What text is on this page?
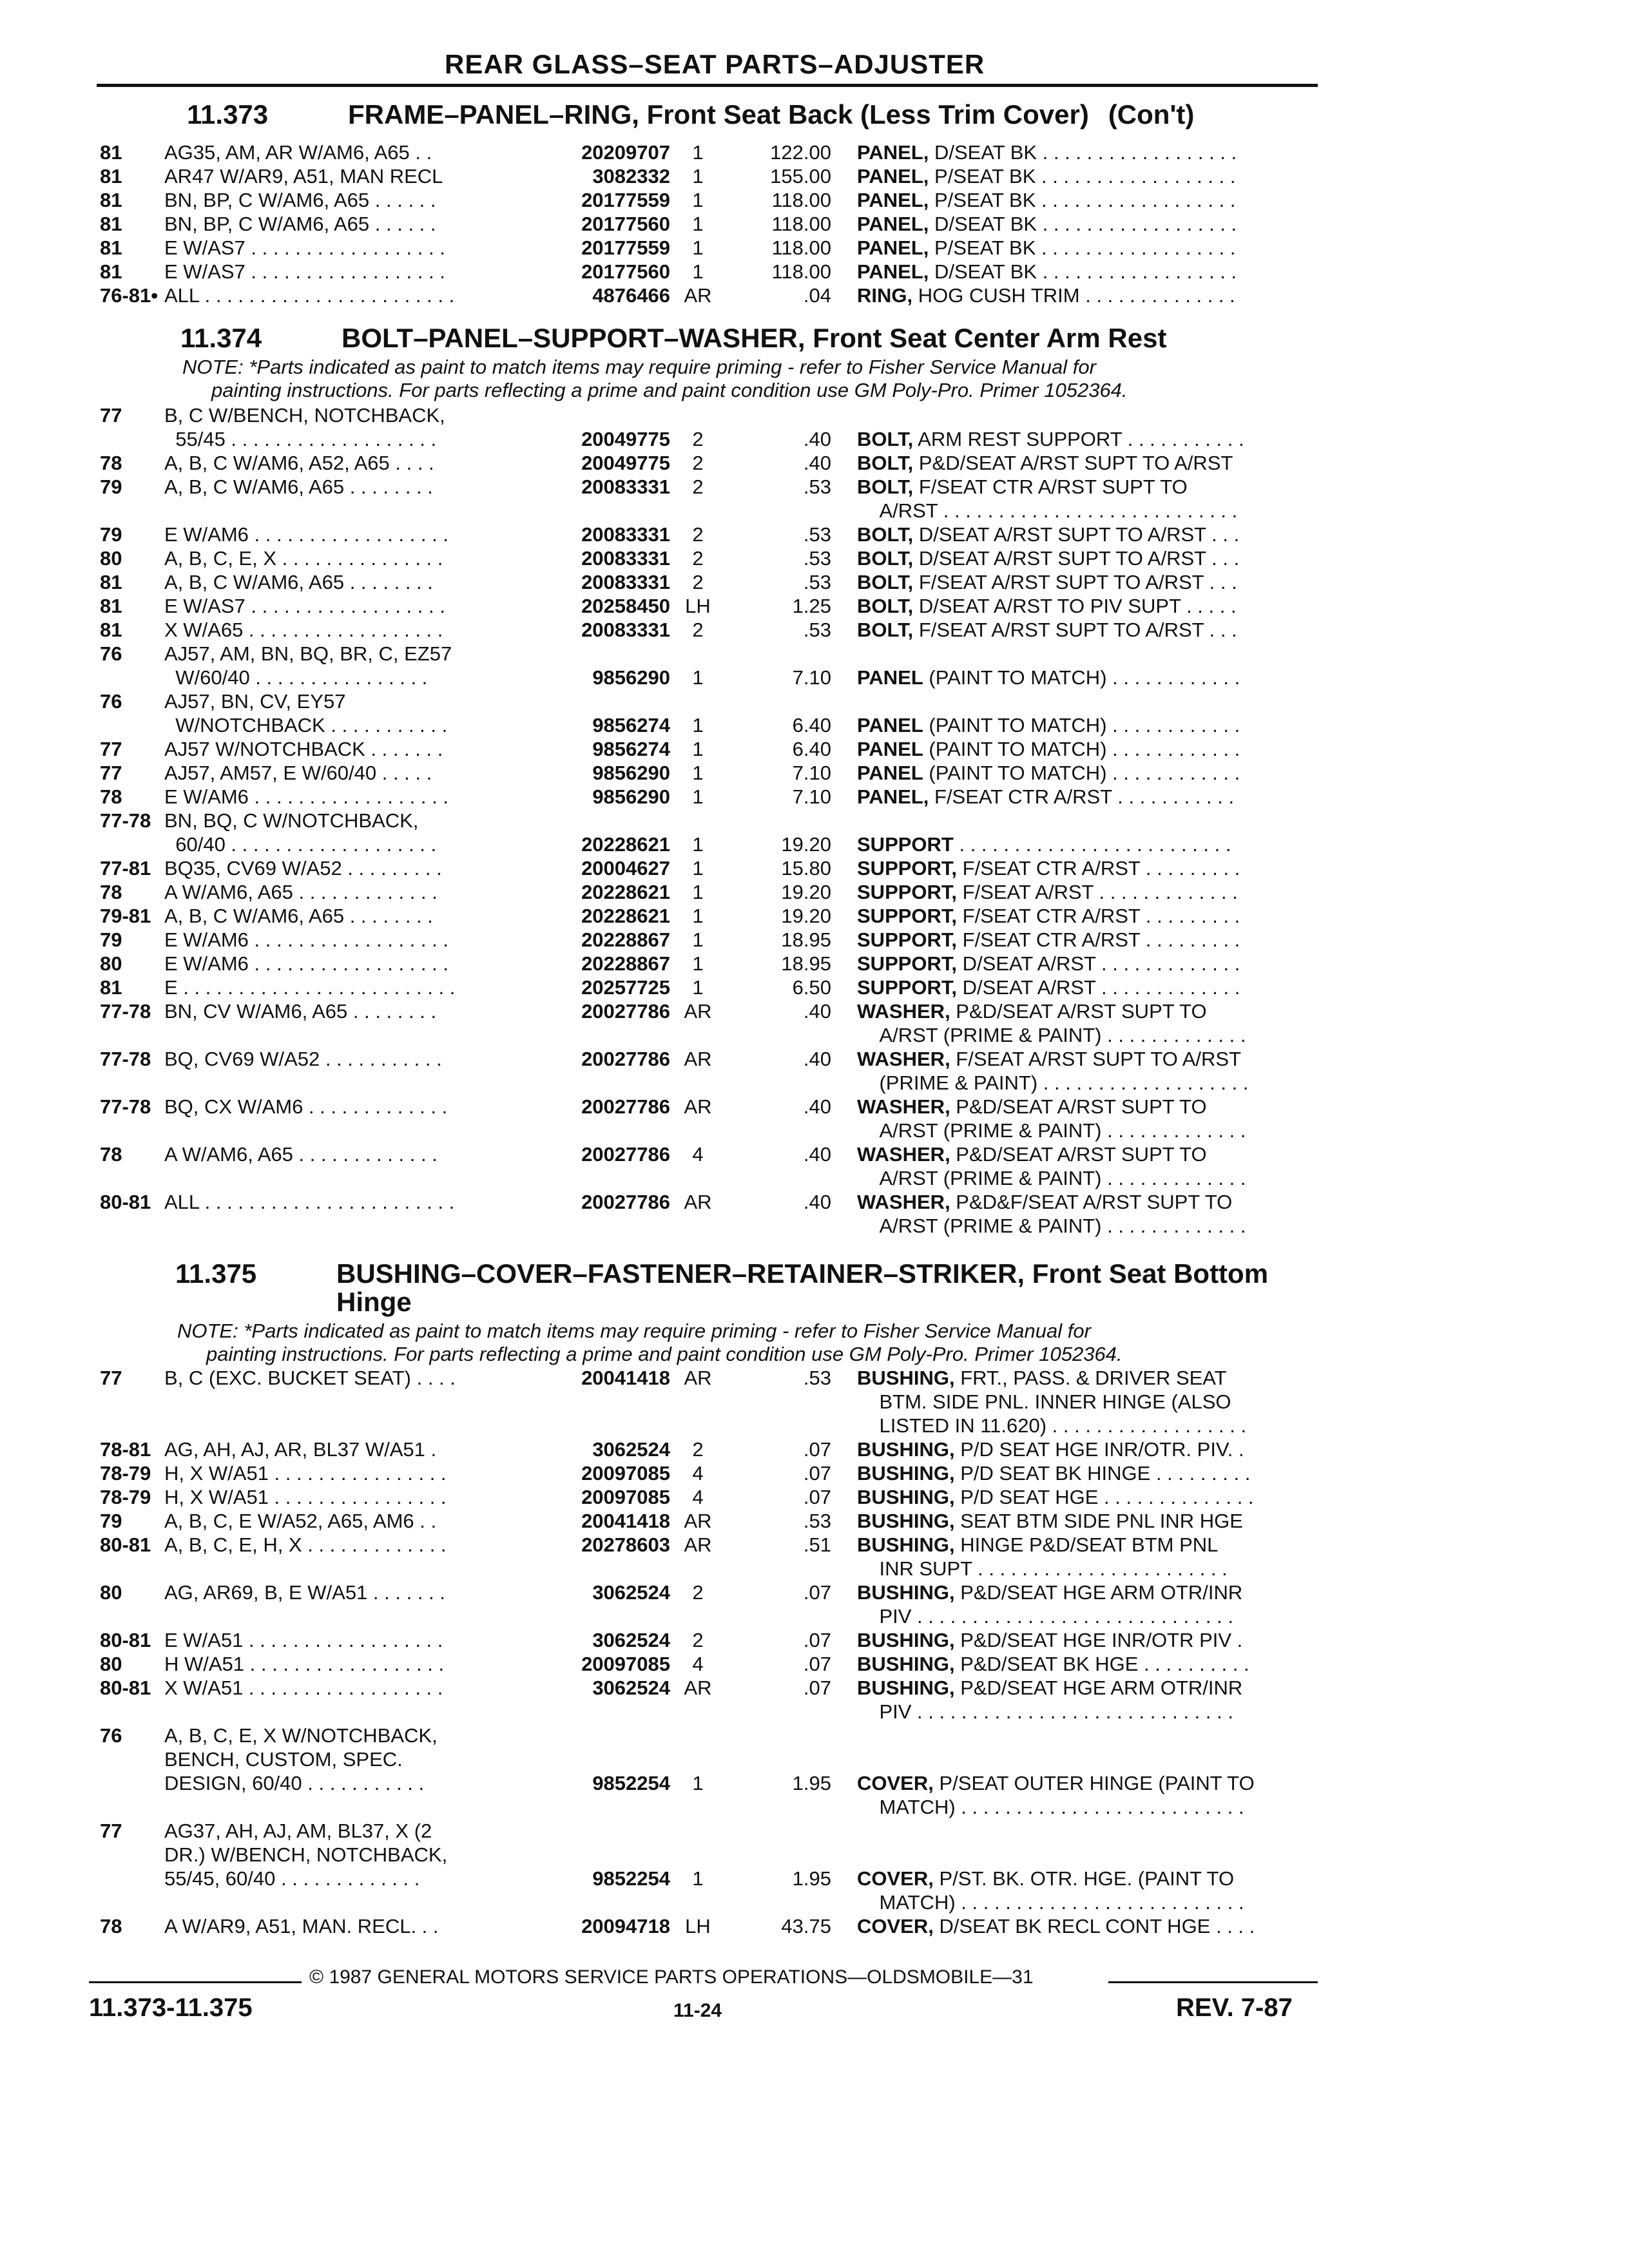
REAR GLASS–SEAT PARTS–ADJUSTER
11.373	FRAME–PANEL–RING, Front Seat Back (Less Trim Cover) (Con't)
81 AG35, AM, AR W/AM6, A65 . .	20209707	1	122.00 PANEL, D/SEAT BK . . . . . . . . . . . . . . . . . .
81 AR47 W/AR9, A51, MAN RECL	3082332	1	155.00 PANEL, P/SEAT BK . . . . . . . . . . . . . . . . . .
81 BN, BP, C W/AM6, A65 . . . . . .	20177559	1	118.00 PANEL, P/SEAT BK . . . . . . . . . . . . . . . . . .
81 BN, BP, C W/AM6, A65 . . . . . .	20177560	1	118.00 PANEL, D/SEAT BK . . . . . . . . . . . . . . . . . .
81 E W/AS7 . . . . . . . . . . . . . . . . . .	20177559	1	118.00 PANEL, P/SEAT BK . . . . . . . . . . . . . . . . . .
81 E W/AS7 . . . . . . . . . . . . . . . . . .	20177560	1	118.00 PANEL, D/SEAT BK . . . . . . . . . . . . . . . . . .
76-81• ALL . . . . . . . . . . . . . . . . . . . . . . .	4876466 AR	.04 RING, HOG CUSH TRIM . . . . . . . . . . . . . .
11.374	BOLT–PANEL–SUPPORT–WASHER, Front Seat Center Arm Rest
NOTE: *Parts indicated as paint to match items may require priming - refer to Fisher Service Manual for
painting instructions. For parts reflecting a prime and paint condition use GM Poly-Pro. Primer 1052364.
77 B, C W/BENCH, NOTCHBACK,
55/45 . . . . . . . . . . . . . . . . . . .	20049775	2	.40 BOLT, ARM REST SUPPORT . . . . . . . . . . .
78 A, B, C W/AM6, A52, A65 . . . .	20049775	2	.40 BOLT, P&D/SEAT A/RST SUPT TO A/RST
79 A, B, C W/AM6, A65 . . . . . . . .	20083331	2	.53 BOLT, F/SEAT CTR A/RST SUPT TO
A/RST . . . . . . . . . . . . . . . . . . . . . . . . . . .
79 E W/AM6 . . . . . . . . . . . . . . . . . .	20083331	2	.53 BOLT, D/SEAT A/RST SUPT TO A/RST . . .
80 A, B, C, E, X . . . . . . . . . . . . . . .	20083331	2	.53 BOLT, D/SEAT A/RST SUPT TO A/RST . . .
81 A, B, C W/AM6, A65 . . . . . . . .	20083331	2	.53 BOLT, F/SEAT A/RST SUPT TO A/RST . . .
81 E W/AS7 . . . . . . . . . . . . . . . . . .	20258450 LH	1.25 BOLT, D/SEAT A/RST TO PIV SUPT . . . . .
81 X W/A65 . . . . . . . . . . . . . . . . . .	20083331	2	.53 BOLT, F/SEAT A/RST SUPT TO A/RST . . .
76 AJ57, AM, BN, BQ, BR, C, EZ57
W/60/40 . . . . . . . . . . . . . . . .	9856290	1	7.10 PANEL (PAINT TO MATCH) . . . . . . . . . . . .
76 AJ57, BN, CV, EY57
W/NOTCHBACK . . . . . . . . . . .	9856274	1	6.40 PANEL (PAINT TO MATCH) . . . . . . . . . . . .
77 AJ57 W/NOTCHBACK . . . . . . .	9856274	1	6.40 PANEL (PAINT TO MATCH) . . . . . . . . . . . .
77 AJ57, AM57, E W/60/40 . . . . .	9856290	1	7.10 PANEL (PAINT TO MATCH) . . . . . . . . . . . .
78 E W/AM6 . . . . . . . . . . . . . . . . . .	9856290	1	7.10 PANEL, F/SEAT CTR A/RST . . . . . . . . . . .
77-78 BN, BQ, C W/NOTCHBACK,
60/40 . . . . . . . . . . . . . . . . . . .	20228621	1	19.20 SUPPORT . . . . . . . . . . . . . . . . . . . . . . . . .
77-81 BQ35, CV69 W/A52 . . . . . . . . .	20004627	1	15.80 SUPPORT, F/SEAT CTR A/RST . . . . . . . . .
78 A W/AM6, A65 . . . . . . . . . . . . .	20228621	1	19.20 SUPPORT, F/SEAT A/RST . . . . . . . . . . . . .
79-81 A, B, C W/AM6, A65 . . . . . . . .	20228621	1	19.20 SUPPORT, F/SEAT CTR A/RST . . . . . . . . .
79 E W/AM6 . . . . . . . . . . . . . . . . . .	20228867	1	18.95 SUPPORT, F/SEAT CTR A/RST . . . . . . . . .
80 E W/AM6 . . . . . . . . . . . . . . . . . .	20228867	1	18.95 SUPPORT, D/SEAT A/RST . . . . . . . . . . . . .
81 E . . . . . . . . . . . . . . . . . . . . . . . . .	20257725	1	6.50 SUPPORT, D/SEAT A/RST . . . . . . . . . . . . .
77-78 BN, CV W/AM6, A65 . . . . . . . .	20027786 AR	.40 WASHER, P&D/SEAT A/RST SUPT TO
A/RST (PRIME & PAINT) . . . . . . . . . . . . .
77-78 BQ, CV69 W/A52 . . . . . . . . . . .	20027786 AR	.40 WASHER, F/SEAT A/RST SUPT TO A/RST
(PRIME & PAINT) . . . . . . . . . . . . . . . . . . .
77-78 BQ, CX W/AM6 . . . . . . . . . . . . .	20027786 AR	.40 WASHER, P&D/SEAT A/RST SUPT TO
A/RST (PRIME & PAINT) . . . . . . . . . . . . .
78 A W/AM6, A65 . . . . . . . . . . . . .	20027786	4	.40 WASHER, P&D/SEAT A/RST SUPT TO
A/RST (PRIME & PAINT) . . . . . . . . . . . . .
80-81 ALL . . . . . . . . . . . . . . . . . . . . . . .	20027786 AR	.40 WASHER, P&D&F/SEAT A/RST SUPT TO
A/RST (PRIME & PAINT) . . . . . . . . . . . . .
11.375	BUSHING–COVER–FASTENER–RETAINER–STRIKER, Front Seat Bottom
Hinge
NOTE: *Parts indicated as paint to match items may require priming - refer to Fisher Service Manual for
painting instructions. For parts reflecting a prime and paint condition use GM Poly-Pro. Primer 1052364.
77 B, C (EXC. BUCKET SEAT) . . . .	20041418 AR	.53 BUSHING, FRT., PASS. & DRIVER SEAT
BTM. SIDE PNL. INNER HINGE (ALSO
LISTED IN 11.620) . . . . . . . . . . . . . . . . . .
78-81 AG, AH, AJ, AR, BL37 W/A51 .	3062524	2	.07 BUSHING, P/D SEAT HGE INR/OTR. PIV. .
78-79 H, X W/A51 . . . . . . . . . . . . . . . .	20097085	4	.07 BUSHING, P/D SEAT BK HINGE . . . . . . . . .
78-79 H, X W/A51 . . . . . . . . . . . . . . . .	20097085	4	.07 BUSHING, P/D SEAT HGE . . . . . . . . . . . . . .
79 A, B, C, E W/A52, A65, AM6 . .	20041418 AR	.53 BUSHING, SEAT BTM SIDE PNL INR HGE
80-81 A, B, C, E, H, X . . . . . . . . . . . . .	20278603 AR	.51 BUSHING, HINGE P&D/SEAT BTM PNL
INR SUPT . . . . . . . . . . . . . . . . . . . . . . .
80 AG, AR69, B, E W/A51 . . . . . . .	3062524	2	.07 BUSHING, P&D/SEAT HGE ARM OTR/INR
PIV . . . . . . . . . . . . . . . . . . . . . . . . . . . . .
80-81 E W/A51 . . . . . . . . . . . . . . . . . .	3062524	2	.07 BUSHING, P&D/SEAT HGE INR/OTR PIV .
80 H W/A51 . . . . . . . . . . . . . . . . . .	20097085	4	.07 BUSHING, P&D/SEAT BK HGE . . . . . . . . . .
80-81 X W/A51 . . . . . . . . . . . . . . . . . .	3062524 AR	.07 BUSHING, P&D/SEAT HGE ARM OTR/INR
PIV . . . . . . . . . . . . . . . . . . . . . . . . . . . . .
76 A, B, C, E, X W/NOTCHBACK,
BENCH, CUSTOM, SPEC.
DESIGN, 60/40 . . . . . . . . . . .	9852254	1	1.95 COVER, P/SEAT OUTER HINGE (PAINT TO
MATCH) . . . . . . . . . . . . . . . . . . . . . . . . . .
77 AG37, AH, AJ, AM, BL37, X (2
DR.) W/BENCH, NOTCHBACK,
55/45, 60/40 . . . . . . . . . . . . .	9852254	1	1.95 COVER, P/ST. BK. OTR. HGE. (PAINT TO
MATCH) . . . . . . . . . . . . . . . . . . . . . . . . . .
78 A W/AR9, A51, MAN. RECL. . .	20094718 LH	43.75 COVER, D/SEAT BK RECL CONT HGE . . . .
© 1987 GENERAL MOTORS SERVICE PARTS OPERATIONS—OLDSMOBILE—31
11.373-11.375	11-24	REV. 7-87
